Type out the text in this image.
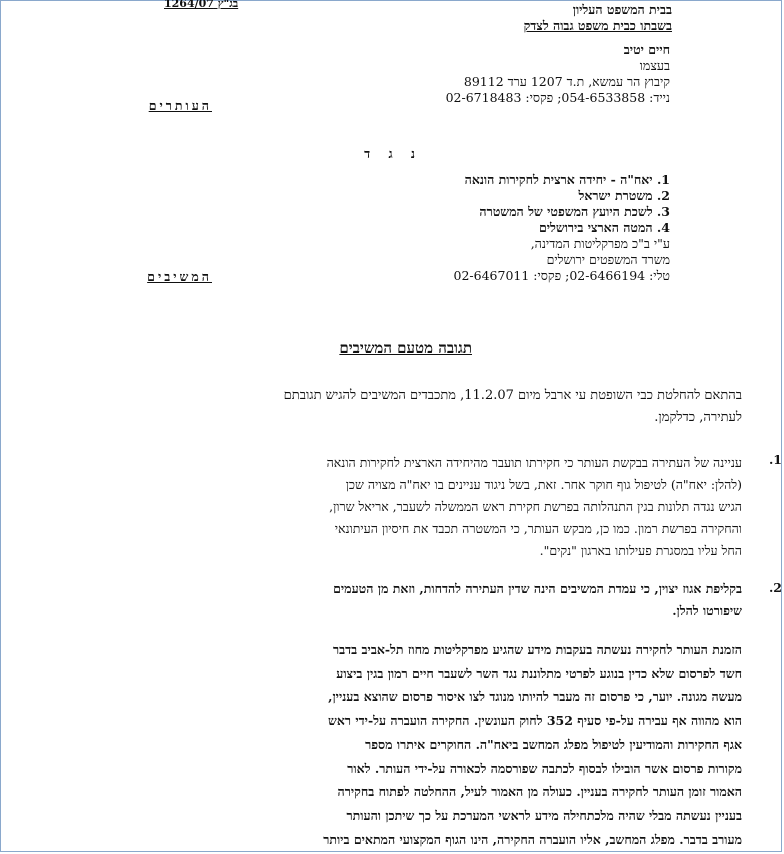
בג"ץ 1264/07	בבית המשפט העליון
בשבתו כבית משפט גבוה לצדק
חיים יטיב
בעצמו
קיבוץ הר עמשא, ת.ד 1207 ערד 89112
נייד: 054-6533858; פקסי: 02-6718483
העותרים
נ ג ד
1. יאח"ה - יחידה ארצית לחקירות הונאה
2. משטרת ישראל
3. לשכת היועץ המשפטי של המשטרה
4. המטה הארצי בירושלים
ע"י ב"כ מפרקליטות המדינה,
משרד המשפטים ירושלים
טלי: 02-6466194; פקסי: 02-6467011
המשיבים
תגובה מטעם המשיבים
בהתאם להחלטת כבי השופטת עי ארבל מיום 11.2.07, מתכבדים המשיבים להגיש תגובתם
לעתירה, כדלקמן.
1.
עניינה של העתירה בבקשת העותר כי חקירתו תועבר מהיחידה הארצית לחקירות הונאה
(להלן: יאח"ה) לטיפול גוף חוקר אחר. זאת, בשל ניגוד עניינים בו יאח"ה מצויה שכן
הגיש נגדה תלונות בגין התנהלותה בפרשת חקירת ראש הממשלה לשעבר, אריאל שרון,
והחקירה בפרשת רמון. כמו כן, מבקש העותר, כי המשטרה תכבד את חיסיון העיתונאי
החל עליו במסגרת פעילותו בארגון "נקים".
2.
בקליפת אגוז יצוין, כי עמדת המשיבים הינה שדין העתירה להדחות, וזאת מן הטעמים
שיפורטו להלן.
הזמנת העותר לחקירה נעשתה בעקבות מידע שהגיע מפרקליטות מחוז תל-אביב בדבר
חשד לפרסום שלא כדין בנוגע לפרטי מתלוננת נגד השר לשעבר חיים רמון בגין ביצוע
מעשה מגונה. יוער, כי פרסום זה מעבר להיותו מנוגד לצו איסור פרסום שהוצא בעניין,
הוא מהווה אף עבירה על-פי סעיף 352 לחוק העונשין. החקירה הועברה על-ידי ראש
אגף החקירות והמודיעין לטיפול מפלג המחשב ביאח"ה. החוקרים איתרו מספר
מקורות פרסום אשר הובילו לבסוף לכתבה שפורסמה לכאורה על-ידי העותר. לאור
האמור זומן העותר לחקירה בעניין. כעולה מן האמור לעיל, ההחלטה לפתוח בחקירה
בעניין נעשתה מבלי שהיה מלכתחילה מידע לראשי המערכת על כך שיתכן והעותר
מעורב בדבר. מפלג המחשב, אליו הועברה החקירה, הינו הגוף המקצועי המתאים ביותר
